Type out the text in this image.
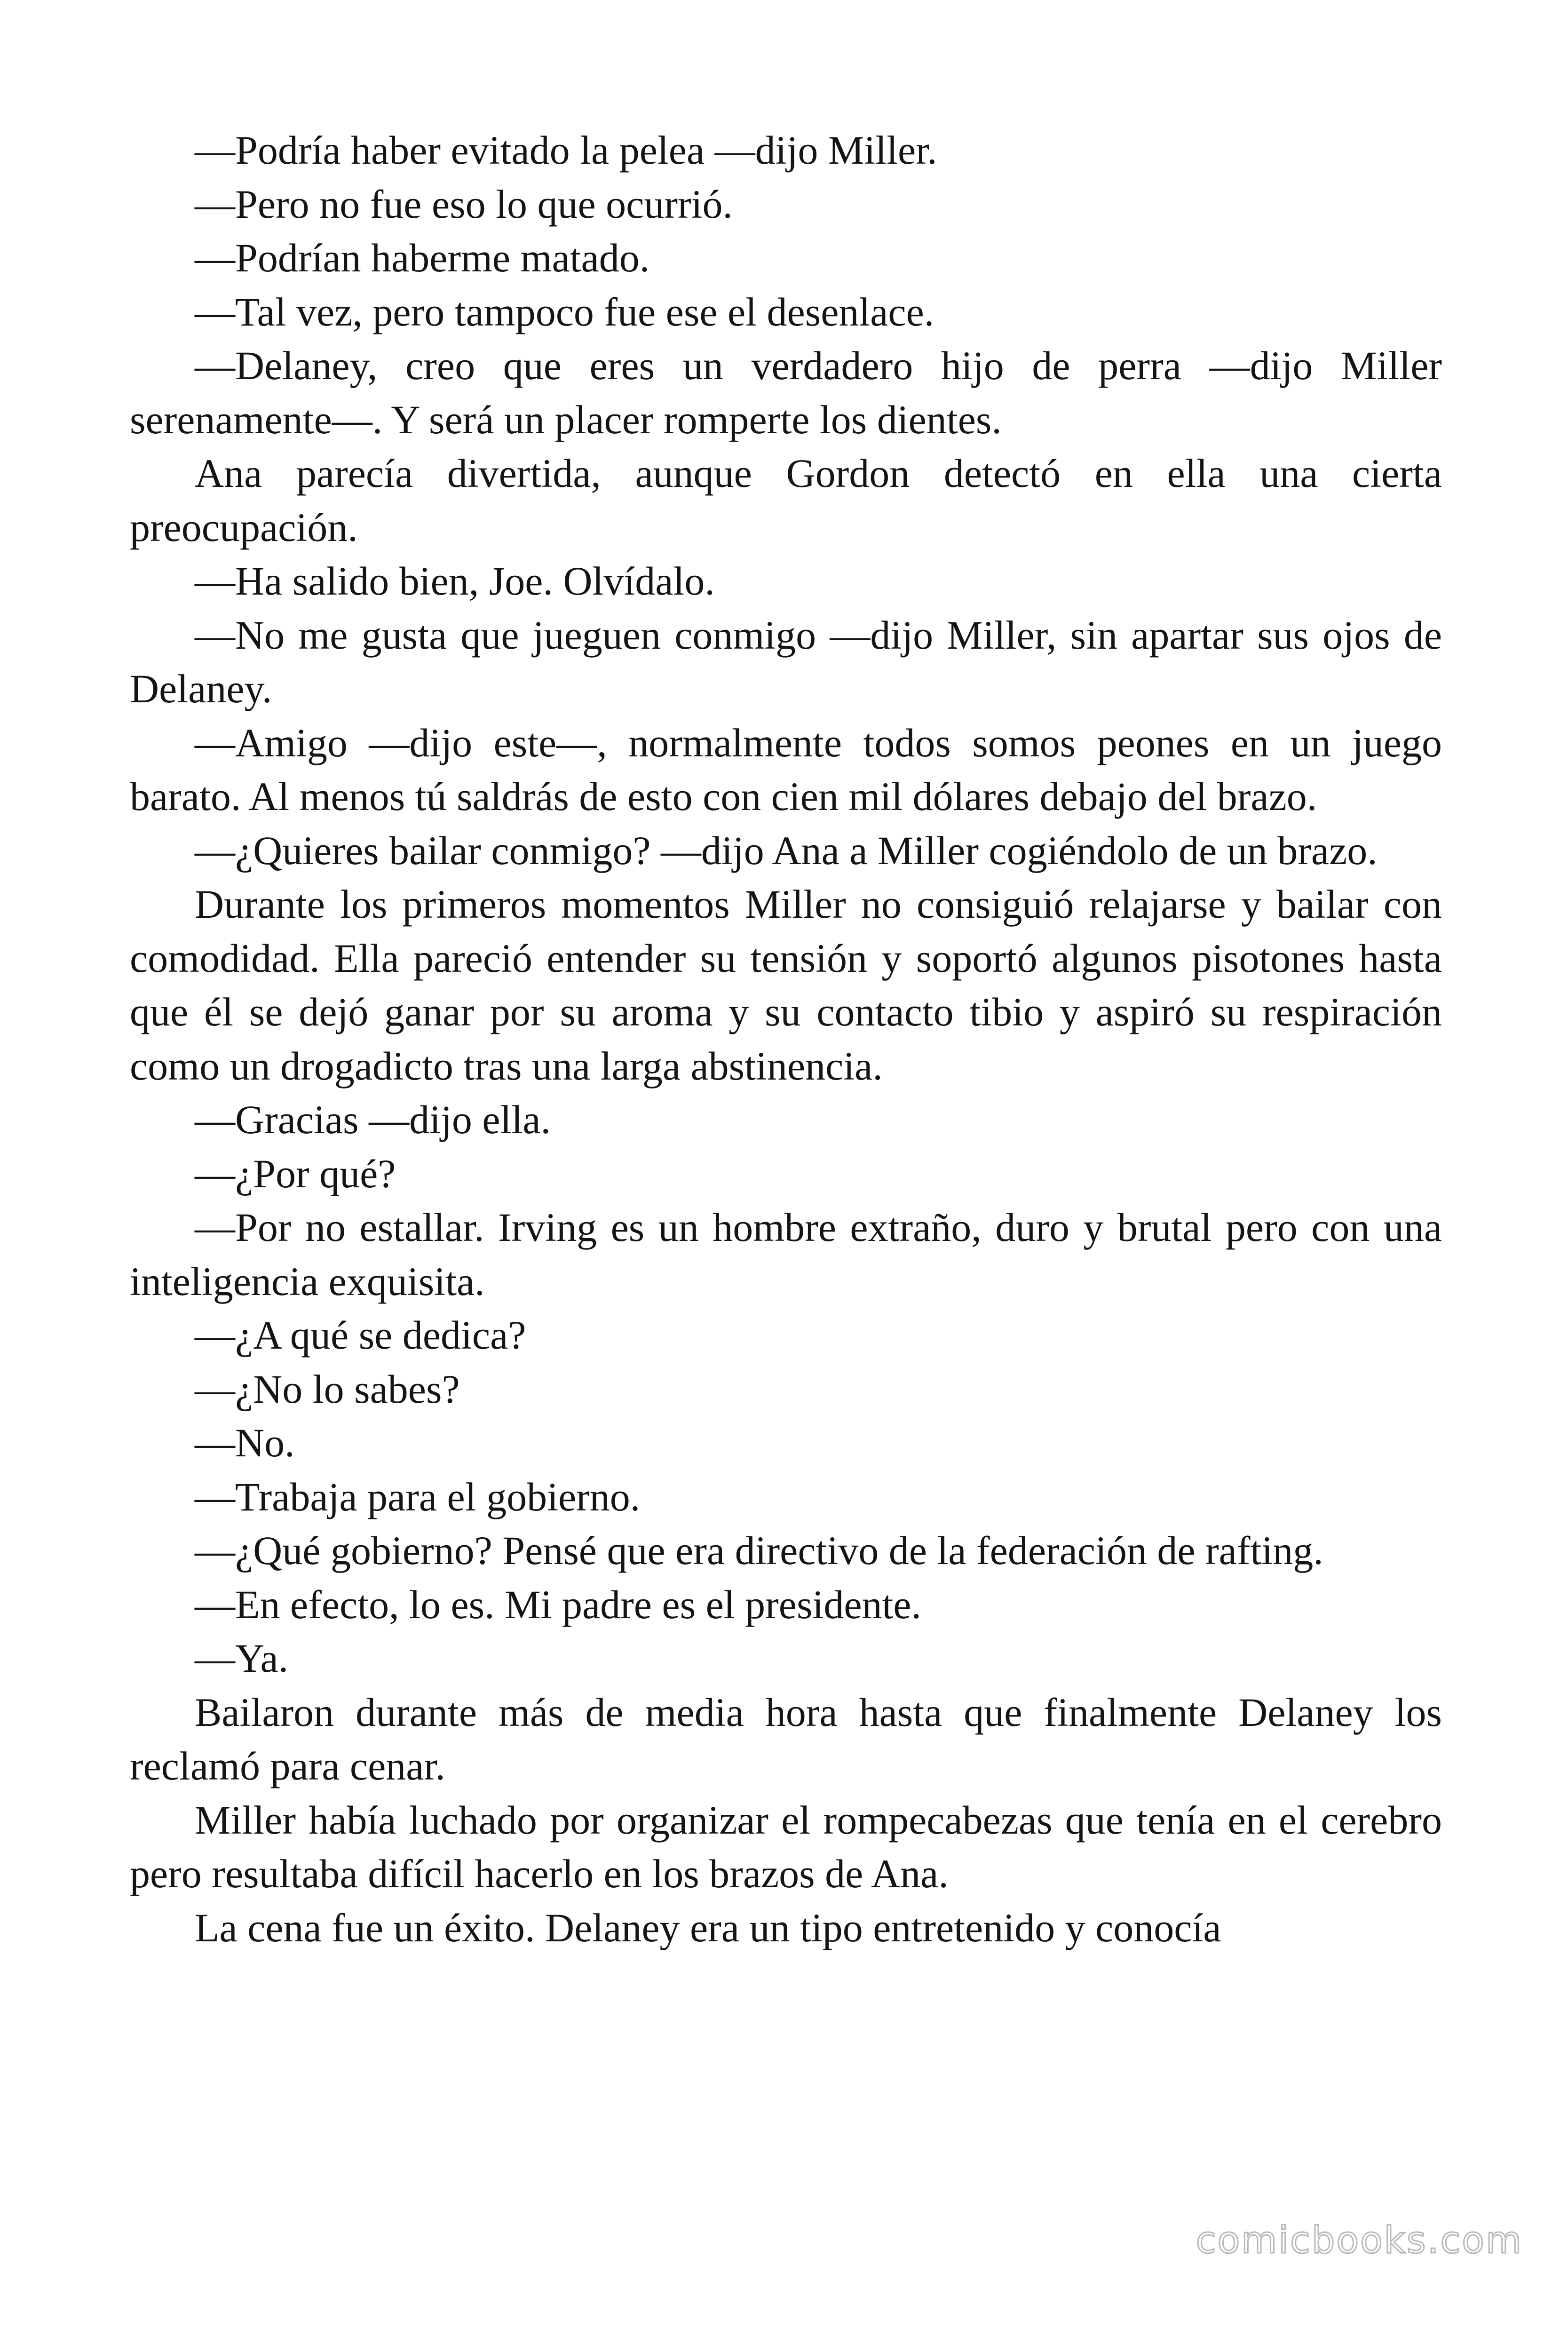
—Podría haber evitado la pelea —dijo Miller.

—Pero no fue eso lo que ocurrió.

—Podrían haberme matado.

—Tal vez, pero tampoco fue ese el desenlace.

—Delaney, creo que eres un verdadero hijo de perra —dijo Miller serenamente—. Y será un placer romperte los dientes.

Ana parecía divertida, aunque Gordon detectó en ella una cierta preocupación.

—Ha salido bien, Joe. Olvídalo.

—No me gusta que jueguen conmigo —dijo Miller, sin apartar sus ojos de Delaney.

—Amigo —dijo este—, normalmente todos somos peones en un juego barato. Al menos tú saldrás de esto con cien mil dólares debajo del brazo.

—¿Quieres bailar conmigo? —dijo Ana a Miller cogiéndolo de un brazo.

Durante los primeros momentos Miller no consiguió relajarse y bailar con comodidad. Ella pareció entender su tensión y soportó algunos pisotones hasta que él se dejó ganar por su aroma y su contacto tibio y aspiró su respiración como un drogadicto tras una larga abstinencia.

—Gracias —dijo ella.

—¿Por qué?

—Por no estallar. Irving es un hombre extraño, duro y brutal pero con una inteligencia exquisita.

—¿A qué se dedica?

—¿No lo sabes?

—No.

—Trabaja para el gobierno.

—¿Qué gobierno? Pensé que era directivo de la federación de rafting.

—En efecto, lo es. Mi padre es el presidente.

—Ya.

Bailaron durante más de media hora hasta que finalmente Delaney los reclamó para cenar.

Miller había luchado por organizar el rompecabezas que tenía en el cerebro pero resultaba difícil hacerlo en los brazos de Ana.

La cena fue un éxito. Delaney era un tipo entretenido y conocía

comicbooks.com
